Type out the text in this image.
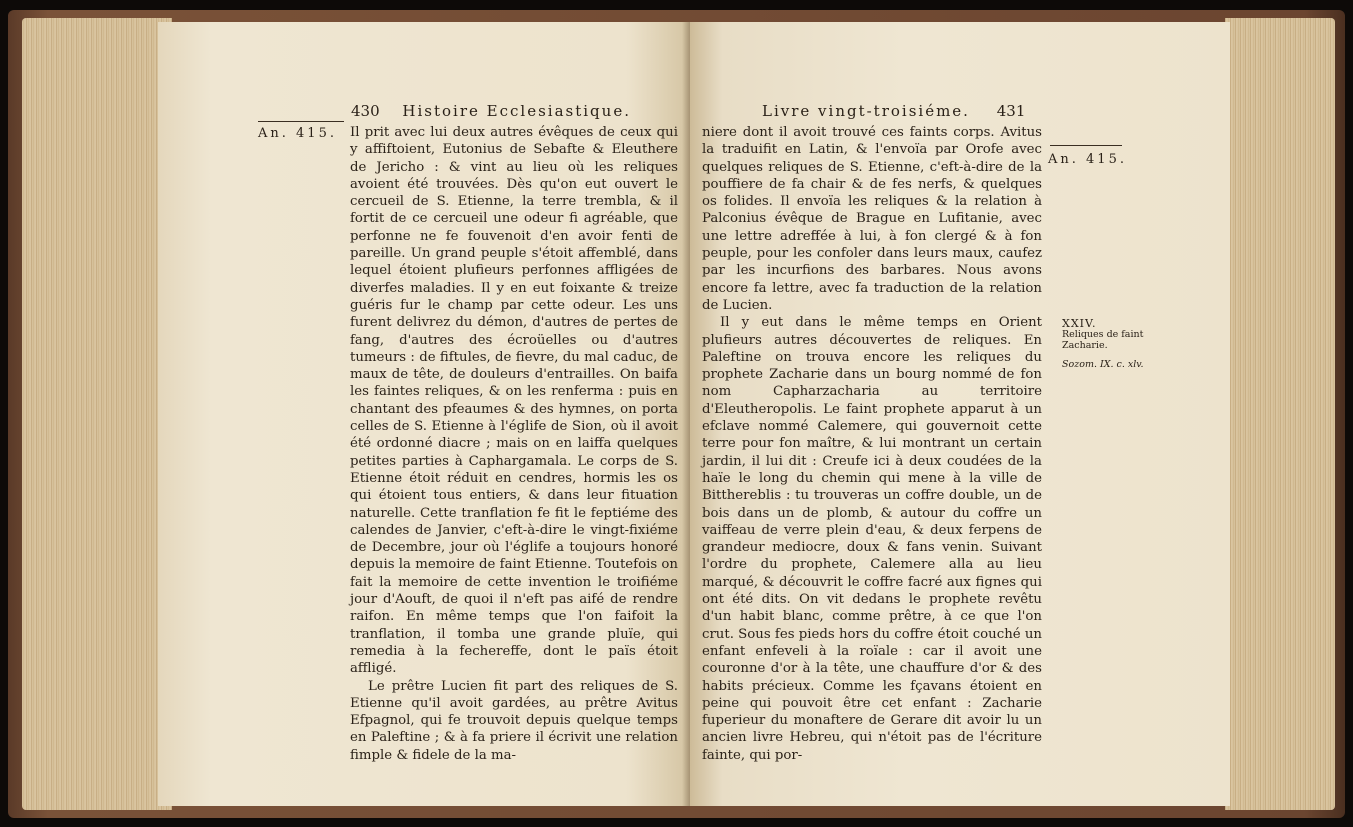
430 Histoire Ecclesiastique.
An. 415. Il prit avec lui deux autres évêques de ceux qui y affiftoient, Eutonius de Sebafte & Eleuthere de Jericho : & vint au lieu où les reliques avoient été trouvées. Dès qu'on eut ouvert le cercueil de S. Etienne, la terre trembla, & il fortit de ce cercueil une odeur fi agréable, que perfonne ne fe fouvenoit d'en avoir fenti de pareille. Un grand peuple s'étoit affemblé, dans lequel étoient plufieurs perfonnes affligées de diverfes maladies. Il y en eut foixante & treize guéris fur le champ par cette odeur. Les uns furent delivrez du démon, d'autres de pertes de fang, d'autres des écroüelles ou d'autres tumeurs : de fiftules, de fievre, du mal caduc, de maux de tête, de douleurs d'entrailles. On baifa les faintes reliques, & on les renferma : puis en chantant des pfeaumes & des hymnes, on porta celles de S. Etienne à l'églife de Sion, où il avoit été ordonné diacre ; mais on en laiffa quelques petites parties à Caphargamala. Le corps de S. Etienne étoit réduit en cendres, hormis les os qui étoient tous entiers, & dans leur fituation naturelle. Cette tranflation fe fit le feptiéme des calendes de Janvier, c'eft-à-dire le vingt-fixiéme de Decembre, jour où l'églife a toujours honoré depuis la memoire de faint Etienne. Toutefois on fait la memoire de cette invention le troifiéme jour d'Aouft, de quoi il n'eft pas aifé de rendre raifon. En même temps que l'on faifoit la tranflation, il tomba une grande pluïe, qui remedia à la fechereffe, dont le païs étoit affligé.

Le prêtre Lucien fit part des reliques de S. Etienne qu'il avoit gardées, au prêtre Avitus Efpagnol, qui fe trouvoit depuis quelque temps en Paleftine ; & à fa priere il écrivit une relation fimple & fidele de la ma-

Livre vingt-troisiéme. 431
An. 415.

niere dont il avoit trouvé ces faints corps. Avitus la traduifit en Latin, & l'envoïa par Orofe avec quelques reliques de S. Etienne, c'eft-à-dire de la pouffiere de fa chair & de fes nerfs, & quelques os folides. Il envoïa les reliques & la relation à Palconius évêque de Brague en Lufitanie, avec une lettre adreffée à lui, à fon clergé & à fon peuple, pour les confoler dans leurs maux, caufez par les incurfions des barbares. Nous avons encore fa lettre, avec fa traduction de la relation de Lucien.

Il y eut dans le même temps en Orient plufieurs autres découvertes de reliques. En Paleftine on trouva encore les reliques du prophete Zacharie dans un bourg nommé de fon nom Capharzacharia au territoire d'Eleutheropolis. Le faint prophete apparut à un efclave nommé Calemere, qui gouvernoit cette terre pour fon maître, & lui montrant un certain jardin, il lui dit : Creufe ici à deux coudées de la haïe le long du chemin qui mene à la ville de Bitthereblis : tu trouveras un coffre double, un de bois dans un de plomb, & autour du coffre un vaiffeau de verre plein d'eau, & deux ferpens de grandeur mediocre, doux & fans venin. Suivant l'ordre du prophete, Calemere alla au lieu marqué, & découvrit le coffre facré aux fignes qui ont été dits. On vit dedans le prophete revêtu d'un habit blanc, comme prêtre, à ce que l'on crut. Sous fes pieds hors du coffre étoit couché un enfant enfeveli à la roïale : car il avoit une couronne d'or à la tête, une chauffure d'or & des habits précieux. Comme les fçavans étoient en peine qui pouvoit être cet enfant : Zacharie fuperieur du monaftere de Gerare dit avoir lu un ancien livre Hebreu, qui n'étoit pas de l'écriture fainte, qui por-

XXIV.
Reliques de faint Zacharie.
Sozom. IX. c. xlv.
